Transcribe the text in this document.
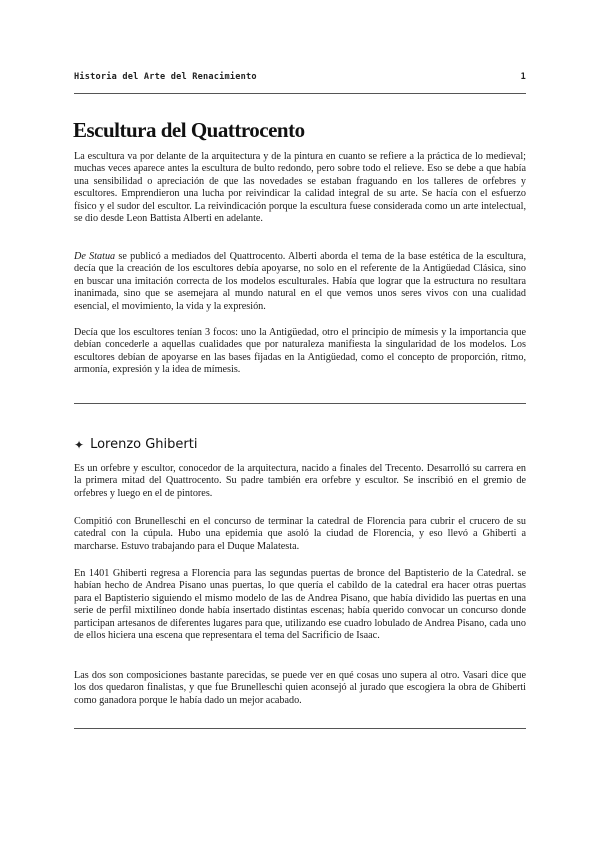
Historia del Arte del Renacimiento	1
Escultura del Quattrocento

La escultura va por delante de la arquitectura y de la pintura en cuanto se refiere a la práctica de lo medieval; muchas veces aparece antes la escultura de bulto redondo, pero sobre todo el relieve. Eso se debe a que había una sensibilidad o apreciación de que las novedades se estaban fraguando en los talleres de orfebres y escultores. Emprendieron una lucha por reivindicar la calidad integral de su arte. Se hacía con el esfuerzo físico y el sudor del escultor. La reivindicación porque la escultura fuese considerada como un arte intelectual, se dio desde Leon Battista Alberti en adelante.

De Statua se publicó a mediados del Quattrocento. Alberti aborda el tema de la base estética de la escultura, decía que la creación de los escultores debía apoyarse, no solo en el referente de la Antigüedad Clásica, sino en buscar una imitación correcta de los modelos esculturales. Había que lograr que la estructura no resultara inanimada, sino que se asemejara al mundo natural en el que vemos unos seres vivos con una cualidad esencial, el movimiento, la vida y la expresión.

Decía que los escultores tenían 3 focos: uno la Antigüedad, otro el principio de mímesis y la importancia que debían concederle a aquellas cualidades que por naturaleza manifiesta la singularidad de los modelos. Los escultores debían de apoyarse en las bases fijadas en la Antigüedad, como el concepto de proporción, ritmo, armonía, expresión y la idea de mímesis.

✦ Lorenzo Ghiberti

Es un orfebre y escultor, conocedor de la arquitectura, nacido a finales del Trecento. Desarrolló su carrera en la primera mitad del Quattrocento. Su padre también era orfebre y escultor. Se inscribió en el gremio de orfebres y luego en el de pintores.

Compitió con Brunelleschi en el concurso de terminar la catedral de Florencia para cubrir el crucero de su catedral con la cúpula. Hubo una epidemia que asoló la ciudad de Florencia, y eso llevó a Ghiberti a marcharse. Estuvo trabajando para el Duque Malatesta.

En 1401 Ghiberti regresa a Florencia para las segundas puertas de bronce del Baptisterio de la Catedral. se habían hecho de Andrea Pisano unas puertas, lo que quería el cabildo de la catedral era hacer otras puertas para el Baptisterio siguiendo el mismo modelo de las de Andrea Pisano, que había dividido las puertas en una serie de perfil mixtilíneo donde había insertado distintas escenas; había querido convocar un concurso donde participan artesanos de diferentes lugares para que, utilizando ese cuadro lobulado de Andrea Pisano, cada uno de ellos hiciera una escena que representara el tema del Sacrificio de Isaac.

Las dos son composiciones bastante parecidas, se puede ver en qué cosas uno supera al otro. Vasari dice que los dos quedaron finalistas, y que fue Brunelleschi quien aconsejó al jurado que escogiera la obra de Ghiberti como ganadora porque le había dado un mejor acabado.
